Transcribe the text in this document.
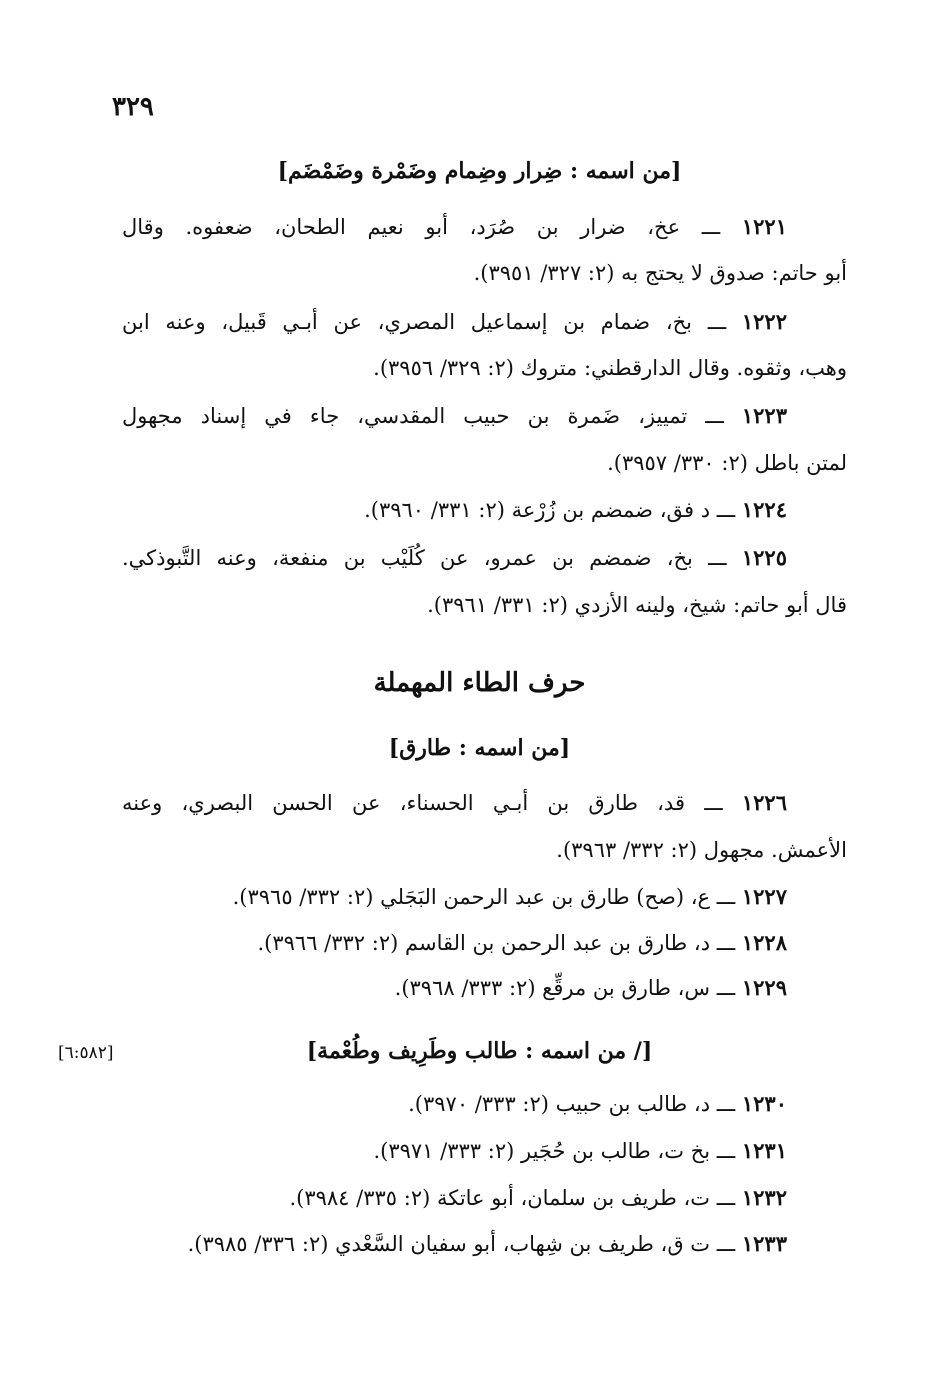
٣٢٩
[من اسمه : ضِرار وضِمام وضَمْرة وضَمْضَم]
١٢٢١ ـــ عخ، ضرار بن صُرَد، أبو نعيم الطحان، ضعفوه. وقال
أبو حاتم: صدوق لا يحتج به (٢: ٣٢٧/ ٣٩٥١).
١٢٢٢ ـــ بخ، ضمام بن إسماعيل المصري، عن أبـي قَبيل، وعنه ابن
وهب، وثقوه. وقال الدارقطني: متروك (٢: ٣٢٩/ ٣٩٥٦).
١٢٢٣ ـــ تمييز، ضَمرة بن حبيب المقدسي، جاء في إسناد مجهول
لمتن باطل (٢: ٣٣٠/ ٣٩٥٧).
١٢٢٤ ـــ د فق، ضمضم بن زُرْعة (٢: ٣٣١/ ٣٩٦٠).
١٢٢٥ ـــ بخ، ضمضم بن عمرو، عن كُلَيْب بن منفعة، وعنه التَّبوذكي.
قال أبو حاتم: شيخ، ولينه الأزدي (٢: ٣٣١/ ٣٩٦١).
حرف الطاء المهملة
[من اسمه : طارق]
١٢٢٦ ـــ قد، طارق بن أبـي الحسناء، عن الحسن البصري، وعنه
الأعمش. مجهول (٢: ٣٣٢/ ٣٩٦٣).
١٢٢٧ ـــ ع، (صح) طارق بن عبد الرحمن البَجَلي (٢: ٣٣٢/ ٣٩٦٥).
١٢٢٨ ـــ د، طارق بن عبد الرحمن بن القاسم (٢: ٣٣٢/ ٣٩٦٦).
١٢٢٩ ـــ س، طارق بن مرقِّع (٢: ٣٣٣/ ٣٩٦٨).
[/ من اسمه : طالب وطَرِيف وطُعْمة]
[٦:٥٨٢]
١٢٣٠ ـــ د، طالب بن حبيب (٢: ٣٣٣/ ٣٩٧٠).
١٢٣١ ـــ بخ ت، طالب بن حُجَير (٢: ٣٣٣/ ٣٩٧١).
١٢٣٢ ـــ ت، طريف بن سلمان، أبو عاتكة (٢: ٣٣٥/ ٣٩٨٤).
١٢٣٣ ـــ ت ق، طريف بن شِهاب، أبو سفيان السَّعْدي (٢: ٣٣٦/ ٣٩٨٥).
